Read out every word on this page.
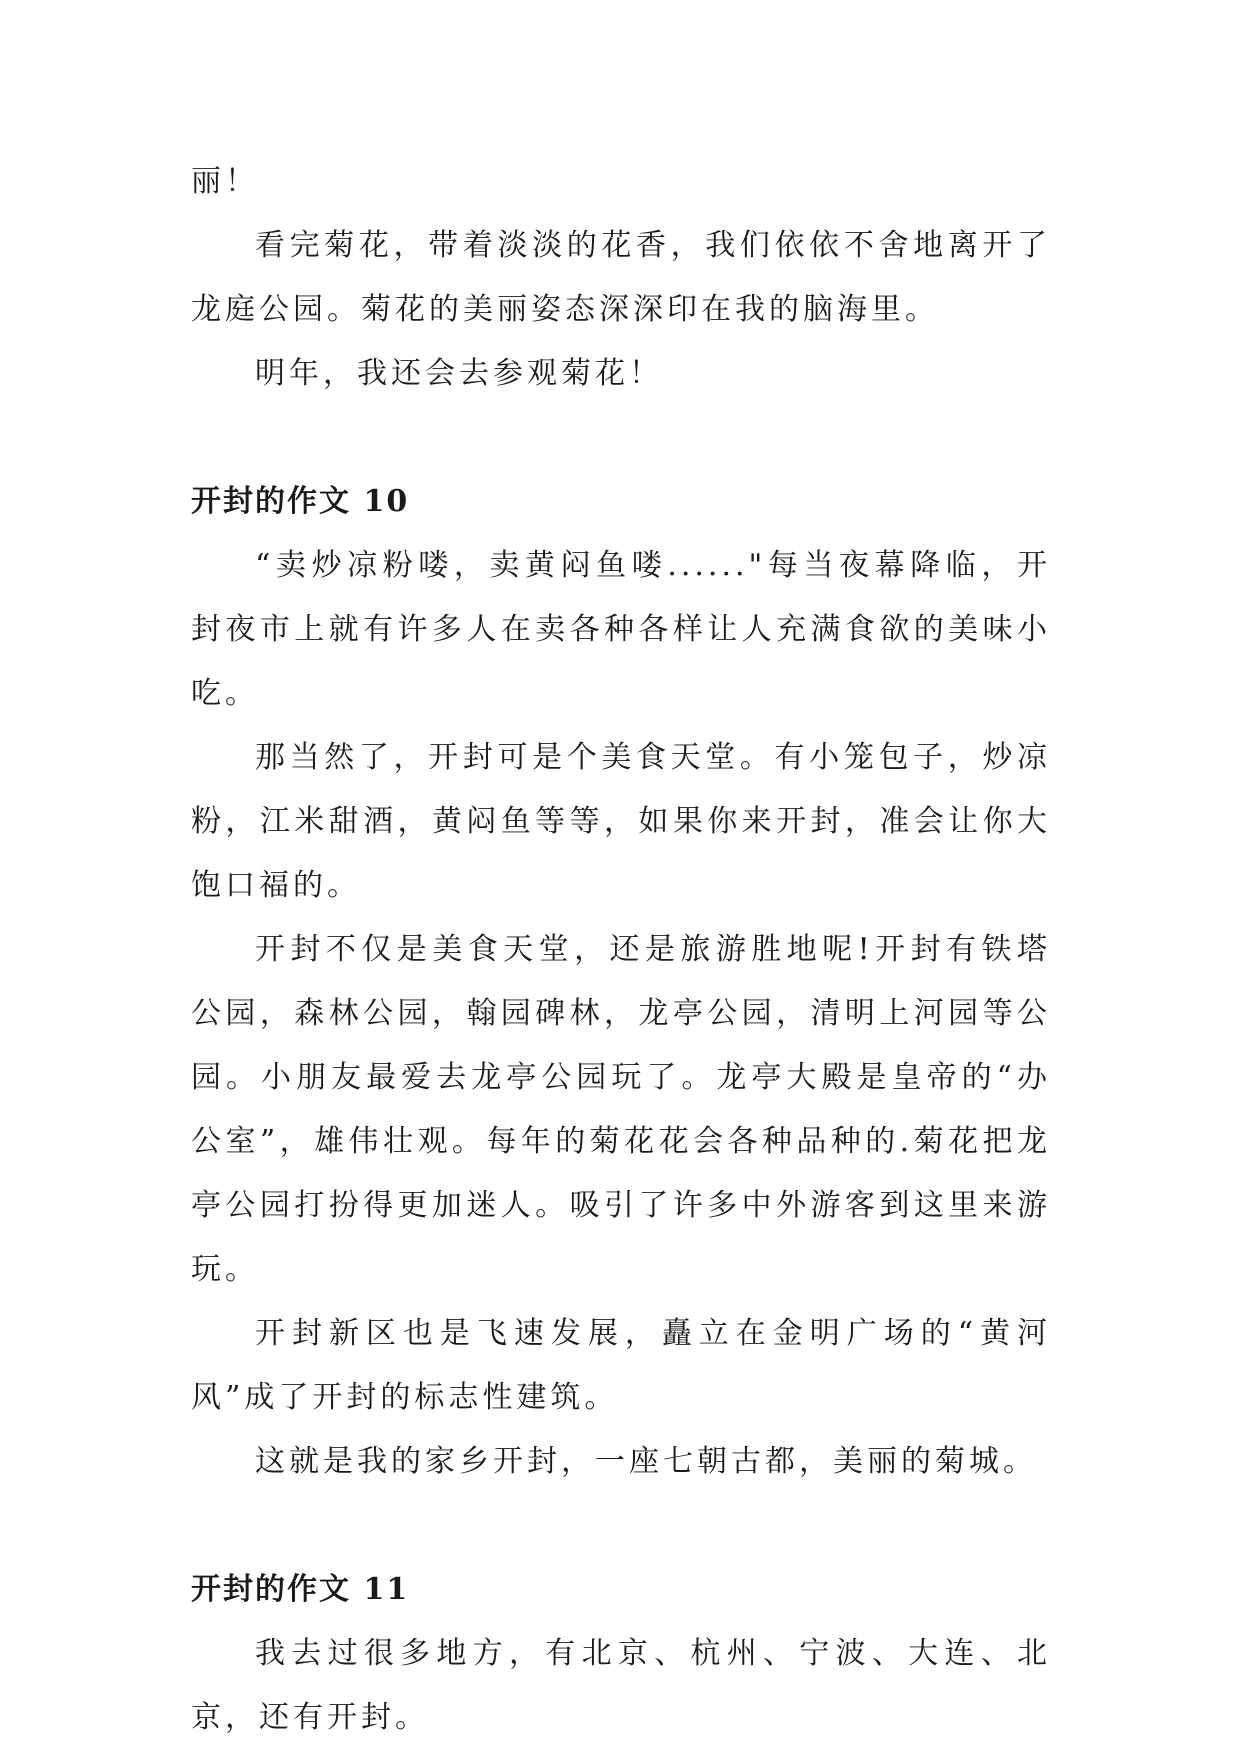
丽！

看完菊花，带着淡淡的花香，我们依依不舍地离开了龙庭公园。菊花的美丽姿态深深印在我的脑海里。

明年，我还会去参观菊花！

开封的作文 10

“卖炒凉粉喽，卖黄闷鱼喽......"每当夜幕降临，开封夜市上就有许多人在卖各种各样让人充满食欲的美味小吃。

那当然了，开封可是个美食天堂。有小笼包子，炒凉粉，江米甜酒，黄闷鱼等等，如果你来开封，准会让你大饱口福的。

开封不仅是美食天堂，还是旅游胜地呢!开封有铁塔公园，森林公园，翰园碑林，龙亭公园，清明上河园等公园。小朋友最爱去龙亭公园玩了。龙亭大殿是皇帝的“办公室”，雄伟壮观。每年的菊花花会各种品种的.菊花把龙亭公园打扮得更加迷人。吸引了许多中外游客到这里来游玩。

开封新区也是飞速发展，矗立在金明广场的“黄河风”成了开封的标志性建筑。

这就是我的家乡开封，一座七朝古都，美丽的菊城。

开封的作文 11

我去过很多地方，有北京、杭州、宁波、大连、北京，还有开封。
